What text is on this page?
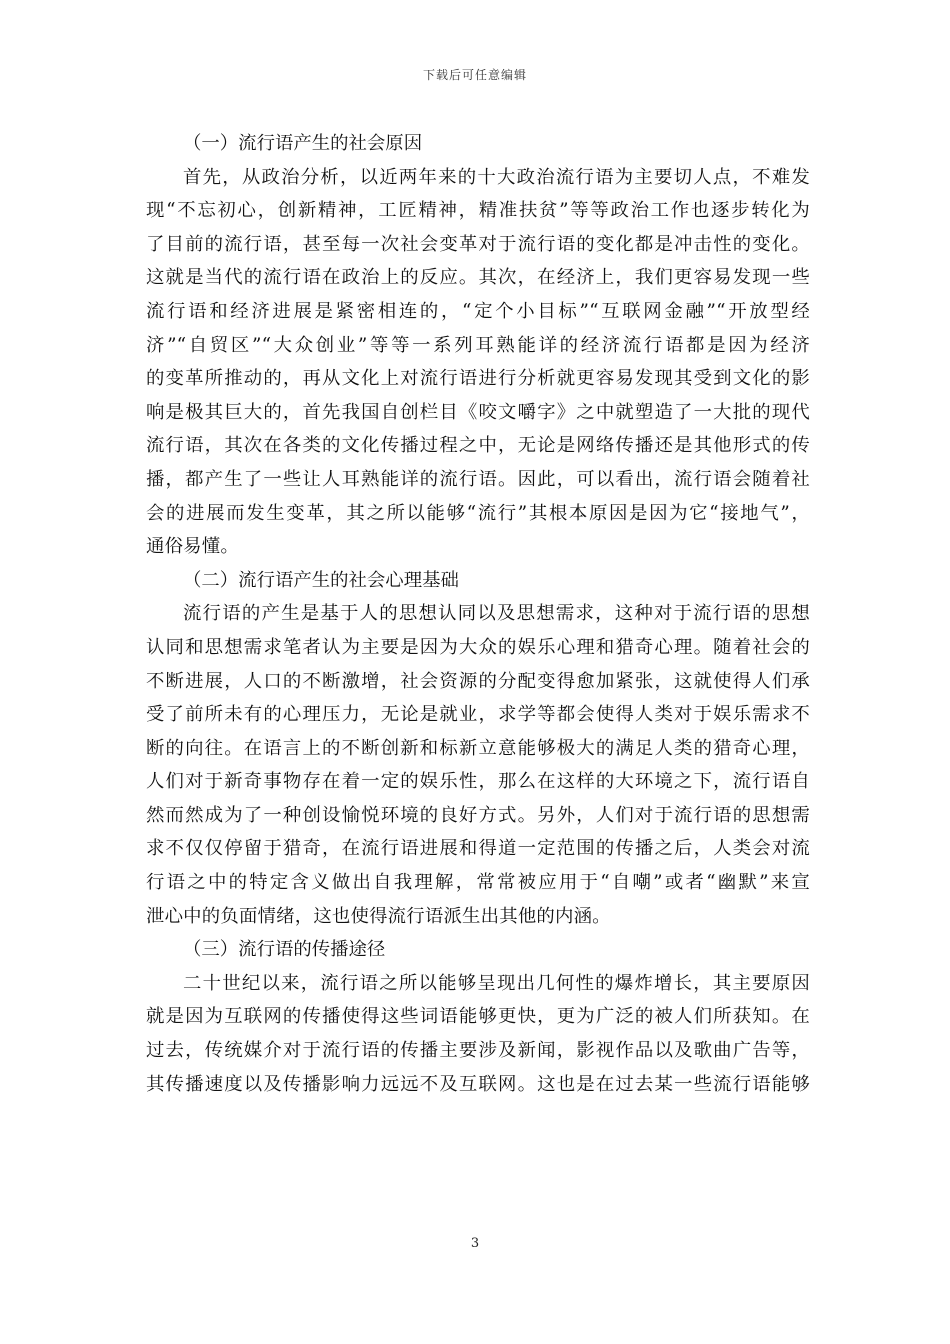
下载后可任意编辑
（一）流行语产生的社会原因
首先，从政治分析，以近两年来的十大政治流行语为主要切人点，不难发
现“不忘初心，创新精神，工匠精神，精准扶贫”等等政治工作也逐步转化为
了目前的流行语，甚至每一次社会变革对于流行语的变化都是冲击性的变化。
这就是当代的流行语在政治上的反应。其次，在经济上，我们更容易发现一些
流行语和经济进展是紧密相连的，“定个小目标”“互联网金融”“开放型经
济”“自贸区”“大众创业”等等一系列耳熟能详的经济流行语都是因为经济
的变革所推动的，再从文化上对流行语进行分析就更容易发现其受到文化的影
响是极其巨大的，首先我国自创栏目《咬文嚼字》之中就塑造了一大批的现代
流行语，其次在各类的文化传播过程之中，无论是网络传播还是其他形式的传
播，都产生了一些让人耳熟能详的流行语。因此，可以看出，流行语会随着社
会的进展而发生变革，其之所以能够“流行”其根本原因是因为它“接地气”，
通俗易懂。
（二）流行语产生的社会心理基础
流行语的产生是基于人的思想认同以及思想需求，这种对于流行语的思想
认同和思想需求笔者认为主要是因为大众的娱乐心理和猎奇心理。随着社会的
不断进展，人口的不断激增，社会资源的分配变得愈加紧张，这就使得人们承
受了前所未有的心理压力，无论是就业，求学等都会使得人类对于娱乐需求不
断的向往。在语言上的不断创新和标新立意能够极大的满足人类的猎奇心理，
人们对于新奇事物存在着一定的娱乐性，那么在这样的大环境之下，流行语自
然而然成为了一种创设愉悦环境的良好方式。另外，人们对于流行语的思想需
求不仅仅停留于猎奇，在流行语进展和得道一定范围的传播之后，人类会对流
行语之中的特定含义做出自我理解，常常被应用于“自嘲”或者“幽默”来宣
泄心中的负面情绪，这也使得流行语派生出其他的内涵。
（三）流行语的传播途径
二十世纪以来，流行语之所以能够呈现出几何性的爆炸增长，其主要原因
就是因为互联网的传播使得这些词语能够更快，更为广泛的被人们所获知。在
过去，传统媒介对于流行语的传播主要涉及新闻，影视作品以及歌曲广告等，
其传播速度以及传播影响力远远不及互联网。这也是在过去某一些流行语能够
3
